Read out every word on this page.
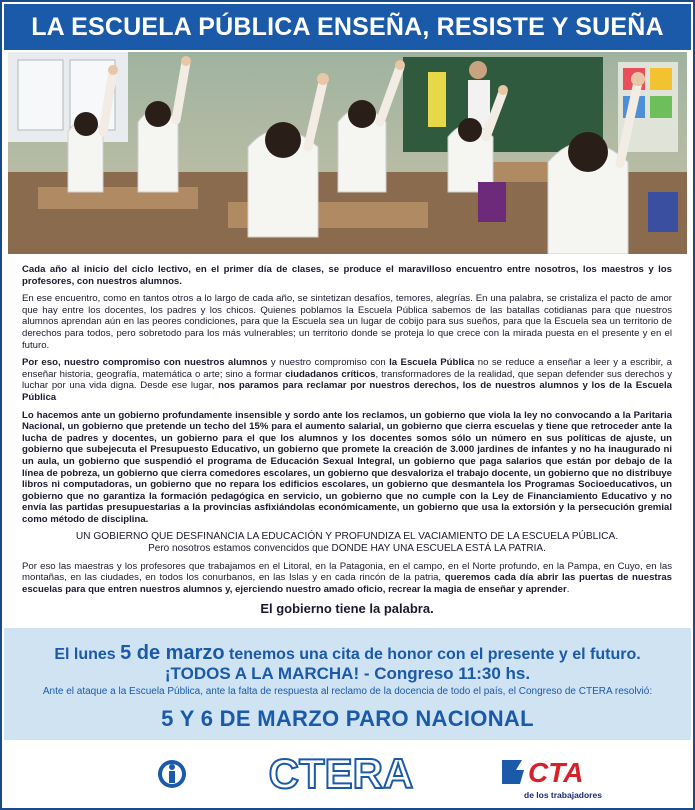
LA ESCUELA PÚBLICA ENSEÑA, RESISTE Y SUEÑA

Cada año al inicio del ciclo lectivo, en el primer día de clases, se produce el maravilloso encuentro entre nosotros, los maestros y los profesores, con nuestros alumnos.

En ese encuentro, como en tantos otros a lo largo de cada año, se sintetizan desafíos, temores, alegrías. En una palabra, se cristaliza el pacto de amor que hay entre los docentes, los padres y los chicos. Quienes poblamos la Escuela Pública sabemos de las batallas cotidianas para que nuestros alumnos aprendan aún en las peores condiciones, para que la Escuela sea un lugar de cobijo para sus sueños, para que la Escuela sea un territorio de derechos para todos, pero sobretodo para los más vulnerables; un territorio donde se proteja lo que crece con la mirada puesta en el presente y en el futuro.

Por eso, nuestro compromiso con nuestros alumnos y nuestro compromiso con la Escuela Pública no se reduce a enseñar a leer y a escribir, a enseñar historia, geografía, matemática o arte; sino a formar ciudadanos críticos, transformadores de la realidad, que sepan defender sus derechos y luchar por una vida digna. Desde ese lugar, nos paramos para reclamar por nuestros derechos, los de nuestros alumnos y los de la Escuela Pública

Lo hacemos ante un gobierno profundamente insensible y sordo ante los reclamos, un gobierno que viola la ley no convocando a la Paritaria Nacional, un gobierno que pretende un techo del 15% para el aumento salarial, un gobierno que cierra escuelas y tiene que retroceder ante la lucha de padres y docentes, un gobierno para el que los alumnos y los docentes somos sólo un número en sus políticas de ajuste, un gobierno que subejecuta el Presupuesto Educativo, un gobierno que promete la creación de 3.000 jardines de infantes y no ha inaugurado ni un aula, un gobierno que suspendió el programa de Educación Sexual Integral, un gobierno que paga salarios que están por debajo de la línea de pobreza, un gobierno que cierra comedores escolares, un gobierno que desvaloriza el trabajo docente, un gobierno que no distribuye libros ni computadoras, un gobierno que no repara los edificios escolares, un gobierno que desmantela los Programas Socioeducativos, un gobierno que no garantiza la formación pedagógica en servicio, un gobierno que no cumple con la Ley de Financiamiento Educativo y no envía las partidas presupuestarias a la provincias asfixiándolas económicamente, un gobierno que usa la extorsión y la persecución gremial como método de disciplina.

UN GOBIERNO QUE DESFINANCIA LA EDUCACIÓN Y PROFUNDIZA EL VACIAMIENTO DE LA ESCUELA PÚBLICA.

Pero nosotros estamos convencidos que DONDE HAY UNA ESCUELA ESTÁ LA PATRIA.

Por eso las maestras y los profesores que trabajamos en el Litoral, en la Patagonia, en el campo, en el Norte profundo, en la Pampa, en Cuyo, en las montañas, en las ciudades, en todos los conurbanos, en las Islas y en cada rincón de la patria, queremos cada día abrir las puertas de nuestras escuelas para que entren nuestros alumnos y, ejerciendo nuestro amado oficio, recrear la magia de enseñar y aprender.

El gobierno tiene la palabra.

El lunes 5 de marzo tenemos una cita de honor con el presente y el futuro.
¡TODOS A LA MARCHA! - Congreso 11:30 hs.
Ante el ataque a la Escuela Pública, ante la falta de respuesta al reclamo de la docencia de todo el país, el Congreso de CTERA resolvió:
5 Y 6 DE MARZO PARO NACIONAL
CTERA	CTA
de los trabajadores
